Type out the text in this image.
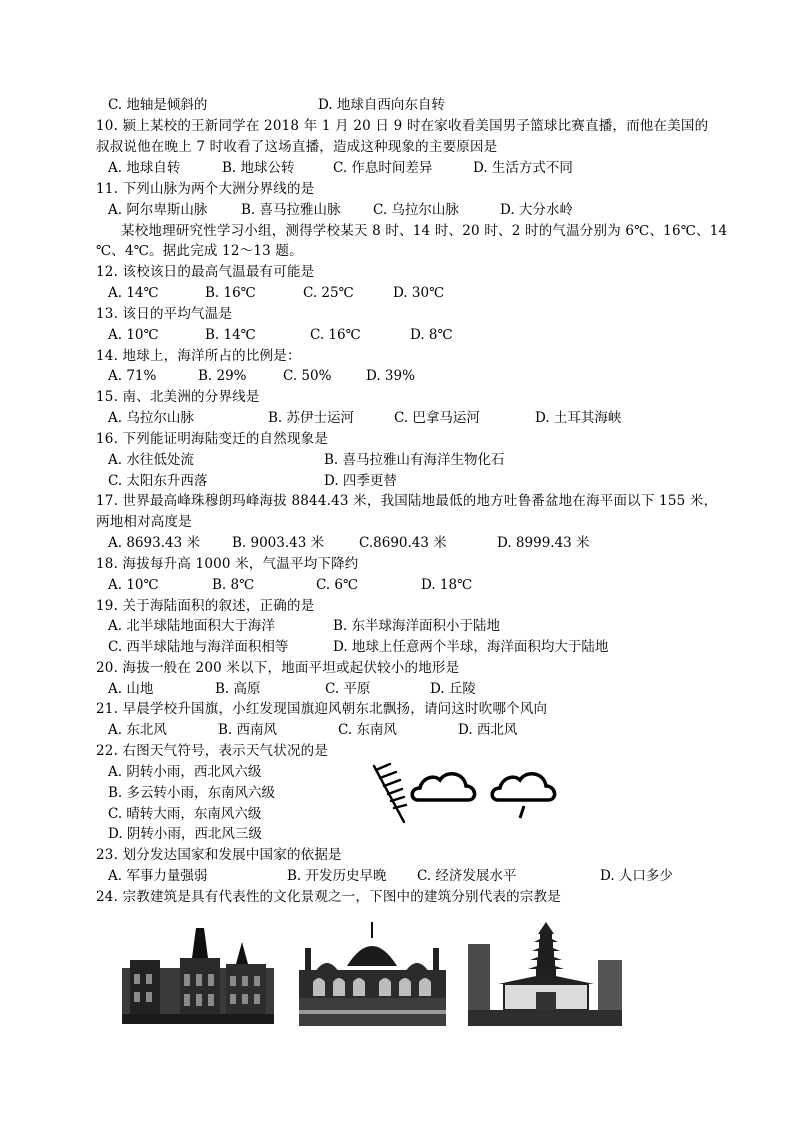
C. 地轴是倾斜的	D. 地球自西向东自转
10. 颍上某校的王新同学在 2018 年 1 月 20 日 9 时在家收看美国男子篮球比赛直播，而他在美国的
叔叔说他在晚上 7 时收看了这场直播，造成这种现象的主要原因是
A. 地球自转	B. 地球公转	C. 作息时间差异	D. 生活方式不同
11. 下列山脉为两个大洲分界线的是
A. 阿尔卑斯山脉 B. 喜马拉雅山脉 C. 乌拉尔山脉	D. 大分水岭
某校地理研究性学习小组，测得学校某天 8 时、14 时、20 时、2 时的气温分别为 6℃、16℃、14
℃、4℃。据此完成 12～13 题。
12. 该校该日的最高气温最有可能是
A. 14℃	B. 16℃	C. 25℃	D. 30℃
13. 该日的平均气温是
A. 10℃	B. 14℃	C. 16℃	D. 8℃
14. 地球上，海洋所占的比例是：
A. 71%	B. 29%	C. 50%	D. 39%
15. 南、北美洲的分界线是
A. 乌拉尔山脉	B. 苏伊士运河	C. 巴拿马运河	D. 土耳其海峡
16. 下列能证明海陆变迁的自然现象是
A. 水往低处流	B. 喜马拉雅山有海洋生物化石
C. 太阳东升西落	D. 四季更替
17. 世界最高峰珠穆朗玛峰海拔 8844.43 米，我国陆地最低的地方吐鲁番盆地在海平面以下 155 米，
两地相对高度是
A. 8693.43 米 B. 9003.43 米	C.8690.43 米	D. 8999.43 米
18. 海拔每升高 1000 米，气温平均下降约
A. 10℃	B. 8℃	C. 6℃	D. 18℃
19. 关于海陆面积的叙述，正确的是
A. 北半球陆地面积大于海洋	B. 东半球海洋面积小于陆地
C. 西半球陆地与海洋面积相等	D. 地球上任意两个半球，海洋面积均大于陆地
20. 海拔一般在 200 米以下，地面平坦或起伏较小的地形是
A. 山地	B. 高原	C. 平原	D. 丘陵
21. 早晨学校升国旗，小红发现国旗迎风朝东北飘扬，请问这时吹哪个风向
A. 东北风	B. 西南风	C. 东南风	D. 西北风
22. 右图天气符号，表示天气状况的是
A. 阴转小雨，西北风六级
B. 多云转小雨，东南风六级
C. 晴转大雨，东南风六级
D. 阴转小雨，西北风三级
23. 划分发达国家和发展中国家的依据是
A. 军事力量强弱	B. 开发历史早晚 C. 经济发展水平	D. 人口多少
24. 宗教建筑是具有代表性的文化景观之一，下图中的建筑分别代表的宗教是
